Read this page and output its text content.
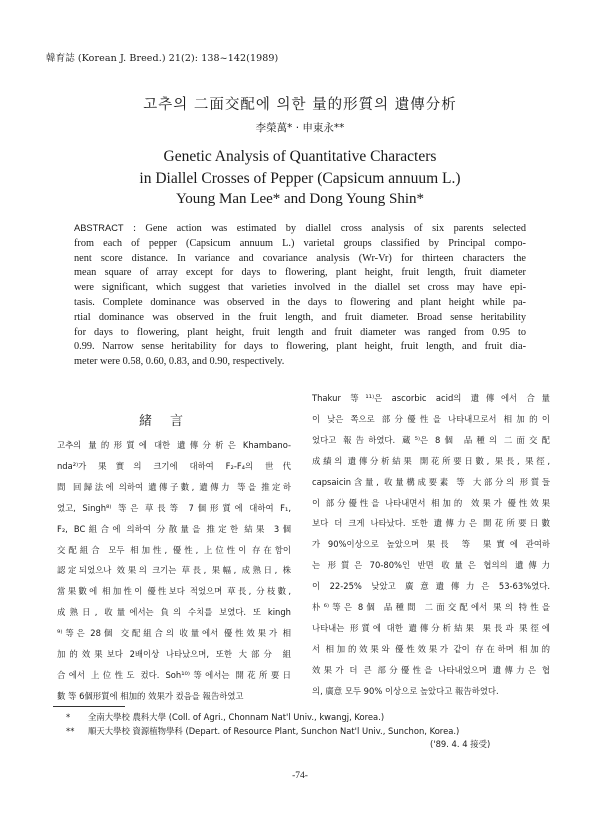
韓育誌 (Korean J. Breed.) 21(2): 138~142(1989)
고추의 二面交配에 의한 量的形質의 遺傳分析
李榮萬* · 申東永**
Genetic Analysis of Quantitative Characters
in Diallel Crosses of Pepper (Capsicum annuum L.)
Young Man Lee* and Dong Young Shin*
ABSTRACT : Gene action was estimated by diallel cross analysis of six parents selected
from each of pepper (Capsicum annuum L.) varietal groups classified by Principal compo-
nent score distance. In variance and covariance analysis (Wr-Vr) for thirteen characters the
mean square of array except for days to flowering, plant height, fruit length, fruit diameter
were significant, which suggest that varieties involved in the diallel set cross may have epi-
tasis. Complete dominance was observed in the days to flowering and plant height while pa-
rtial dominance was observed in the fruit length, and fruit diameter. Broad sense heritability
for days to flowering, plant height, fruit length and fruit diameter was ranged from 0.95 to
0.99. Narrow sense heritability for days to flowering, plant height, fruit length, and fruit dia-
meter were 0.58, 0.60, 0.83, and 0.90, respectively.
緒言
고추의 量的形質에 대한 遺傳分析은 Khambano-
nda²⁾가 果實의 크기에 대하여 F₂-F₄의 世代
間 回歸法에 의하여 遺傳子數, 遺傳力 等을 推定하
였고, Singh⁸⁾ 等은 草長等 7個形質에 대하여 F₁,
F₂, BC組合에 의하여 分散量을 推定한 結果 3個
交配組合 모두 相加性, 優性, 上位性이 存在함이
認定되었으나 效果의 크기는 草長, 果幅, 成熟日, 株
當果數에 相加性이 優性보다 적었으며 草長, 分枝數,
成熟日, 收量에서는 負의 수치를 보였다. 또 kingh
⁹⁾等은 28個 交配組合의 收量에서 優性效果가 相
加的效果보다 2배이상 나타났으며, 또한 大部分 組
合에서 上位性도 컸다. Soh¹⁰⁾等에서는 開花所要日
數 等 6個形質에 相加的 效果가 컸음을 報告하였고
Thakur 等¹¹⁾은 ascorbic acid의 遺傳에서 合量
이 낮은 쪽으로 部分優性을 나타내므로서 相加的이
었다고 報告하였다. 蔵⁵⁾은 8個 品種의 二面交配
成績의 遺傳分析結果 開花所要日數, 果長, 果徑,
capsaicin含量, 收量構成要素 等 大部分의 形質들
이 部分優性을 나타내면서 相加的 效果가 優性效果
보다 더 크게 나타났다. 또한 遺傳力은 開花所要日數
가 90%이상으로 높았으며 果長 等 果實에 관여하
는 形質은 70-80%인 반면 收量은 협의의 遺傳力
이 22-25% 낮았고 廣意遺傳力은 53-63%였다.
朴⁶⁾等은 8個 品種間 二面交配에서 果의 特性을
나타내는 形質에 대한 遺傳分析結果 果長과 果徑에
서 相加的效果와 優性效果가 같이 存在하며 相加的
效果가 더 큰 部分優性을 나타내었으며 遺傳力은 협
의, 廣意 모두 90% 이상으로 높았다고 報告하였다.
* 全南大學校 農科大學 (Coll. of Agri., Chonnam Nat'l Univ., kwangj, Korea.)
** 順天大學校 資源植物學科 (Depart. of Resource Plant, Sunchon Nat'l Univ., Sunchon, Korea.)
('89. 4. 4 接受)
-74-
